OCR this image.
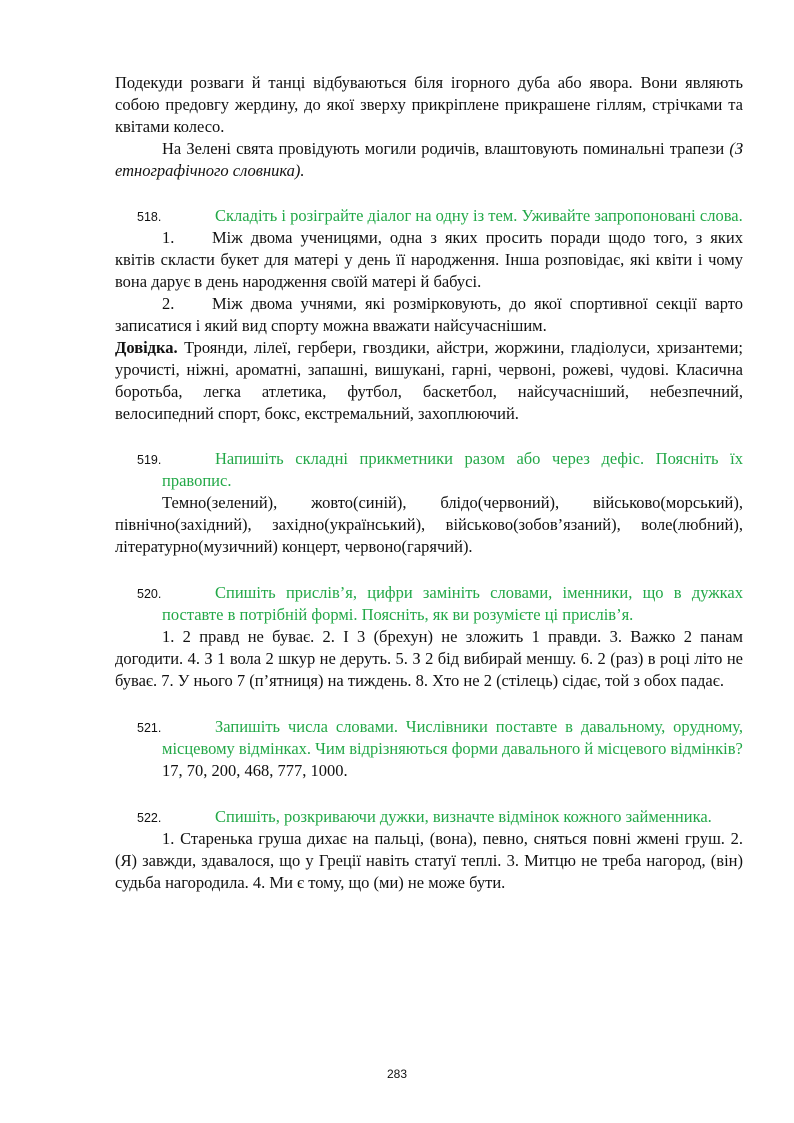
Подекуди розваги й танці відбуваються біля ігорного дуба або явора. Вони являють собою предовгу жердину, до якої зверху прикріплене прикрашене гіллям, стрічками та квітами колесо.

На Зелені свята провідують могили родичів, влаштовують поминальні трапези (З етнографічного словника).

518.	Складіть і розіграйте діалог на одну із тем. Уживайте запропоновані слова.

1. Між двома ученицями, одна з яких просить поради щодо того, з яких квітів скласти букет для матері у день її народження. Інша розповідає, які квіти і чому вона дарує в день народження своїй матері й бабусі.

2. Між двома учнями, які розмірковують, до якої спортивної секції варто записатися і який вид спорту можна вважати найсучаснішим.

Довідка. Троянди, лілеї, гербери, гвоздики, айстри, жоржини, гладіолуси, хризантеми; урочисті, ніжні, ароматні, запашні, вишукані, гарні, червоні, рожеві, чудові. Класична боротьба, легка атлетика, футбол, баскетбол, найсучасніший, небезпечний, велосипедний спорт, бокс, екстремальний, захоплюючий.

519.	Напишіть складні прикметники разом або через дефіс. Поясніть їх правопис.

Темно(зелений), жовто(синій), блідо(червоний), військово(морський), північно(західний), західно(український), військово(зобов’язаний), воле(любний), літературно(музичний) концерт, червоно(гарячий).

520.	Спишіть прислів’я, цифри замініть словами, іменники, що в дужках поставте в потрібній формі. Поясніть, як ви розумієте ці прислів’я.

1. 2 правд не буває. 2. І 3 (брехун) не зложить 1 правди. 3. Важко 2 панам догодити. 4. З 1 вола 2 шкур не деруть. 5. З 2 бід вибирай меншу. 6. 2 (раз) в році літо не буває. 7. У нього 7 (п’ятниця) на тиждень. 8. Хто не 2 (стілець) сідає, той з обох падає.

521.	Запишіть числа словами. Числівники поставте в давальному, орудному, місцевому відмінках. Чим відрізняються форми давального й місцевого відмінків?

17, 70, 200, 468, 777, 1000.

522.	Спишіть, розкриваючи дужки, визначте відмінок кожного займенника.

1. Старенька груша дихає на пальці, (вона), певно, сняться повні жмені груш. 2. (Я) завжди, здавалося, що у Греції навіть статуї теплі. 3. Митцю не треба нагород, (він) судьба нагородила. 4. Ми є тому, що (ми) не може бути.

283
